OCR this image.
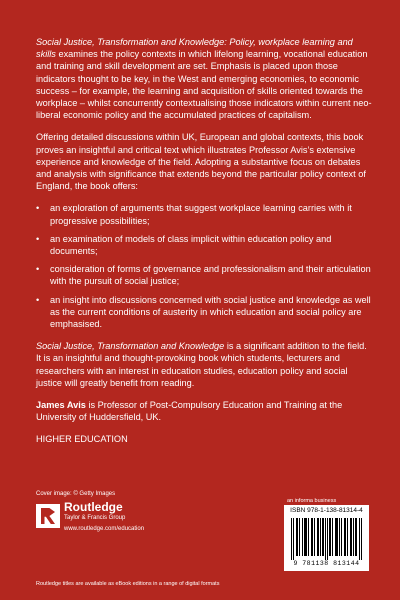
Social Justice, Transformation and Knowledge: Policy, workplace learning and skills examines the policy contexts in which lifelong learning, vocational education and training and skill development are set. Emphasis is placed upon those indicators thought to be key, in the West and emerging economies, to economic success – for example, the learning and acquisition of skills oriented towards the workplace – whilst concurrently contextualising those indicators within current neo-liberal economic policy and the accumulated practices of capitalism.

Offering detailed discussions within UK, European and global contexts, this book proves an insightful and critical text which illustrates Professor Avis’s extensive experience and knowledge of the field. Adopting a substantive focus on debates and analysis with significance that extends beyond the particular policy context of England, the book offers:

• an exploration of arguments that suggest workplace learning carries with it progressive possibilities;
• an examination of models of class implicit within education policy and documents;
• consideration of forms of governance and professionalism and their articulation with the pursuit of social justice;
• an insight into discussions concerned with social justice and knowledge as well as the current conditions of austerity in which education and social policy are emphasised.

Social Justice, Transformation and Knowledge is a significant addition to the field. It is an insightful and thought-provoking book which students, lecturers and researchers with an interest in education studies, education policy and social justice will greatly benefit from reading.

James Avis is Professor of Post-Compulsory Education and Training at the University of Huddersfield, UK.

HIGHER EDUCATION

Cover image: © Getty Images
Routledge
Taylor & Francis Group
www.routledge.com/education
an informa business
ISBN 978-1-138-81314-4
9 781138 813144
Routledge titles are available as eBook editions in a range of digital formats
